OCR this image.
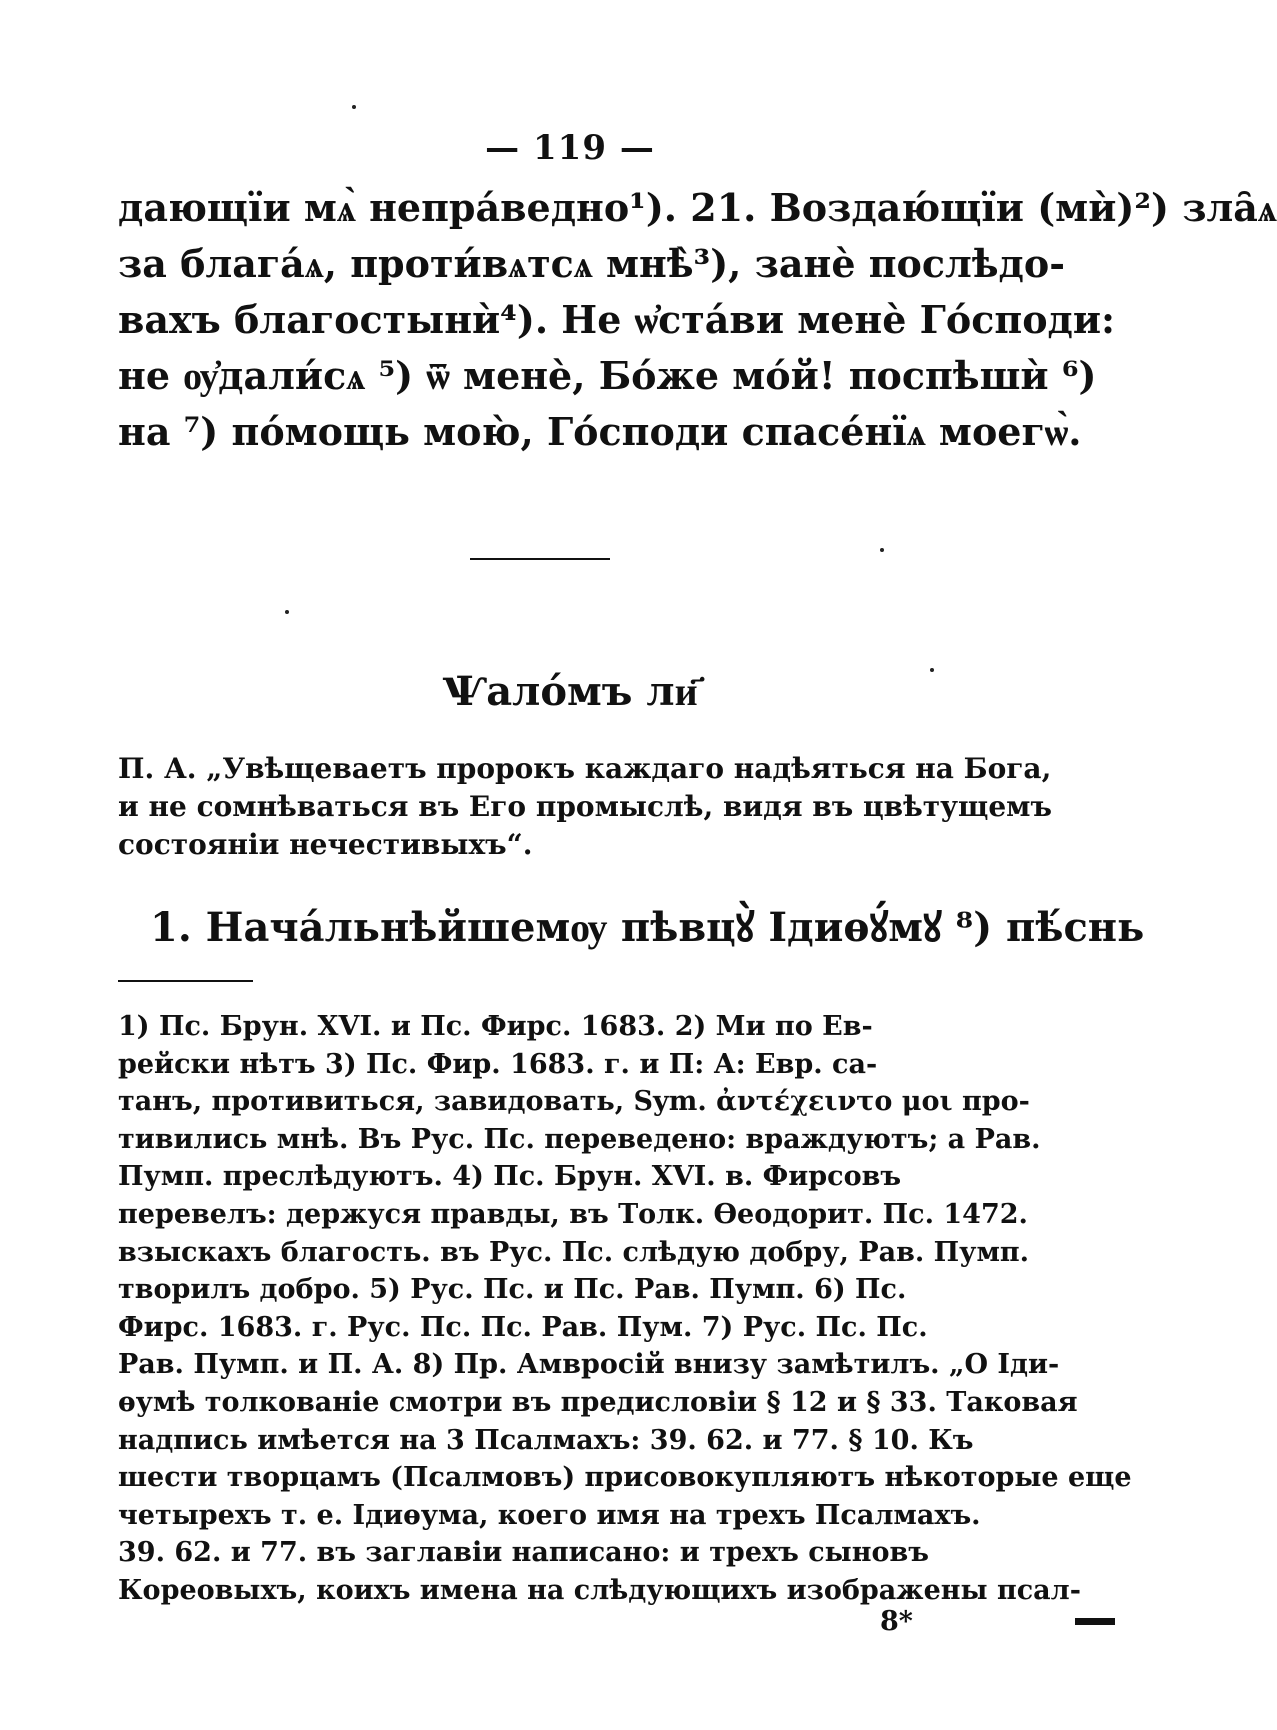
— 119 —
дающїи мѧ̀ непра́ведно¹). 21. Воздаю́щїи (мѝ)²) зла̑ѧ
за блага́ѧ, проти́вѧтсѧ мнѣ̀³), занѐ послѣдо-
вахъ благостынѝ⁴). Не ѡ҆ста́ви менѐ Го́споди:
не ѹ҆дали́сѧ ⁵) ѿ менѐ, Бо́же мо́й! поспѣшѝ ⁶)
на ⁷) по́мощь мою̀, Го́споди спасе́нїѧ моегѡ̀.
Ѱало́мъ ли҃
П. А. „Увѣщеваетъ пророкъ каждаго надѣяться на Бога,
и не сомнѣваться въ Его промыслѣ, видя въ цвѣтущемъ
состояніи нечестивыхъ“.
1. Нача́льнѣйшемѹ пѣвцꙋ̀ Ідиѳꙋ́мꙋ ⁸) пѣ́снь
1) Пс. Брун. XVI. и Пс. Фирс. 1683. 2) Ми по Ев-
рейски нѣтъ 3) Пс. Фир. 1683. г. и П: А: Евр. са-
танъ, противиться, завидовать, Sym. ἀντέχειντο μοι про-
тивились мнѣ. Въ Рус. Пс. переведено: враждуютъ; а Рав.
Пумп. преслѣдуютъ. 4) Пс. Брун. XVI. в. Фирсовъ
перевелъ: держуся правды, въ Толк. Ѳеодорит. Пс. 1472.
взыскахъ благость. въ Рус. Пс. слѣдую добру, Рав. Пумп.
творилъ добро. 5) Рус. Пс. и Пс. Рав. Пумп. 6) Пс.
Фирс. 1683. г. Рус. Пс. Пс. Рав. Пум. 7) Рус. Пс. Пс.
Рав. Пумп. и П. А. 8) Пр. Амвросій внизу замѣтилъ. „О Іди-
ѳумѣ толкованіе смотри въ предисловіи § 12 и § 33. Таковая
надпись имѣется на 3 Псалмахъ: 39. 62. и 77. § 10. Къ
шести творцамъ (Псалмовъ) присовокупляютъ нѣкоторые еще
четырехъ т. е. Ідиѳума, коего имя на трехъ Псалмахъ.
39. 62. и 77. въ заглавіи написано: и трехъ сыновъ
Кореовыхъ, коихъ имена на слѣдующихъ изображены псал-
8*
